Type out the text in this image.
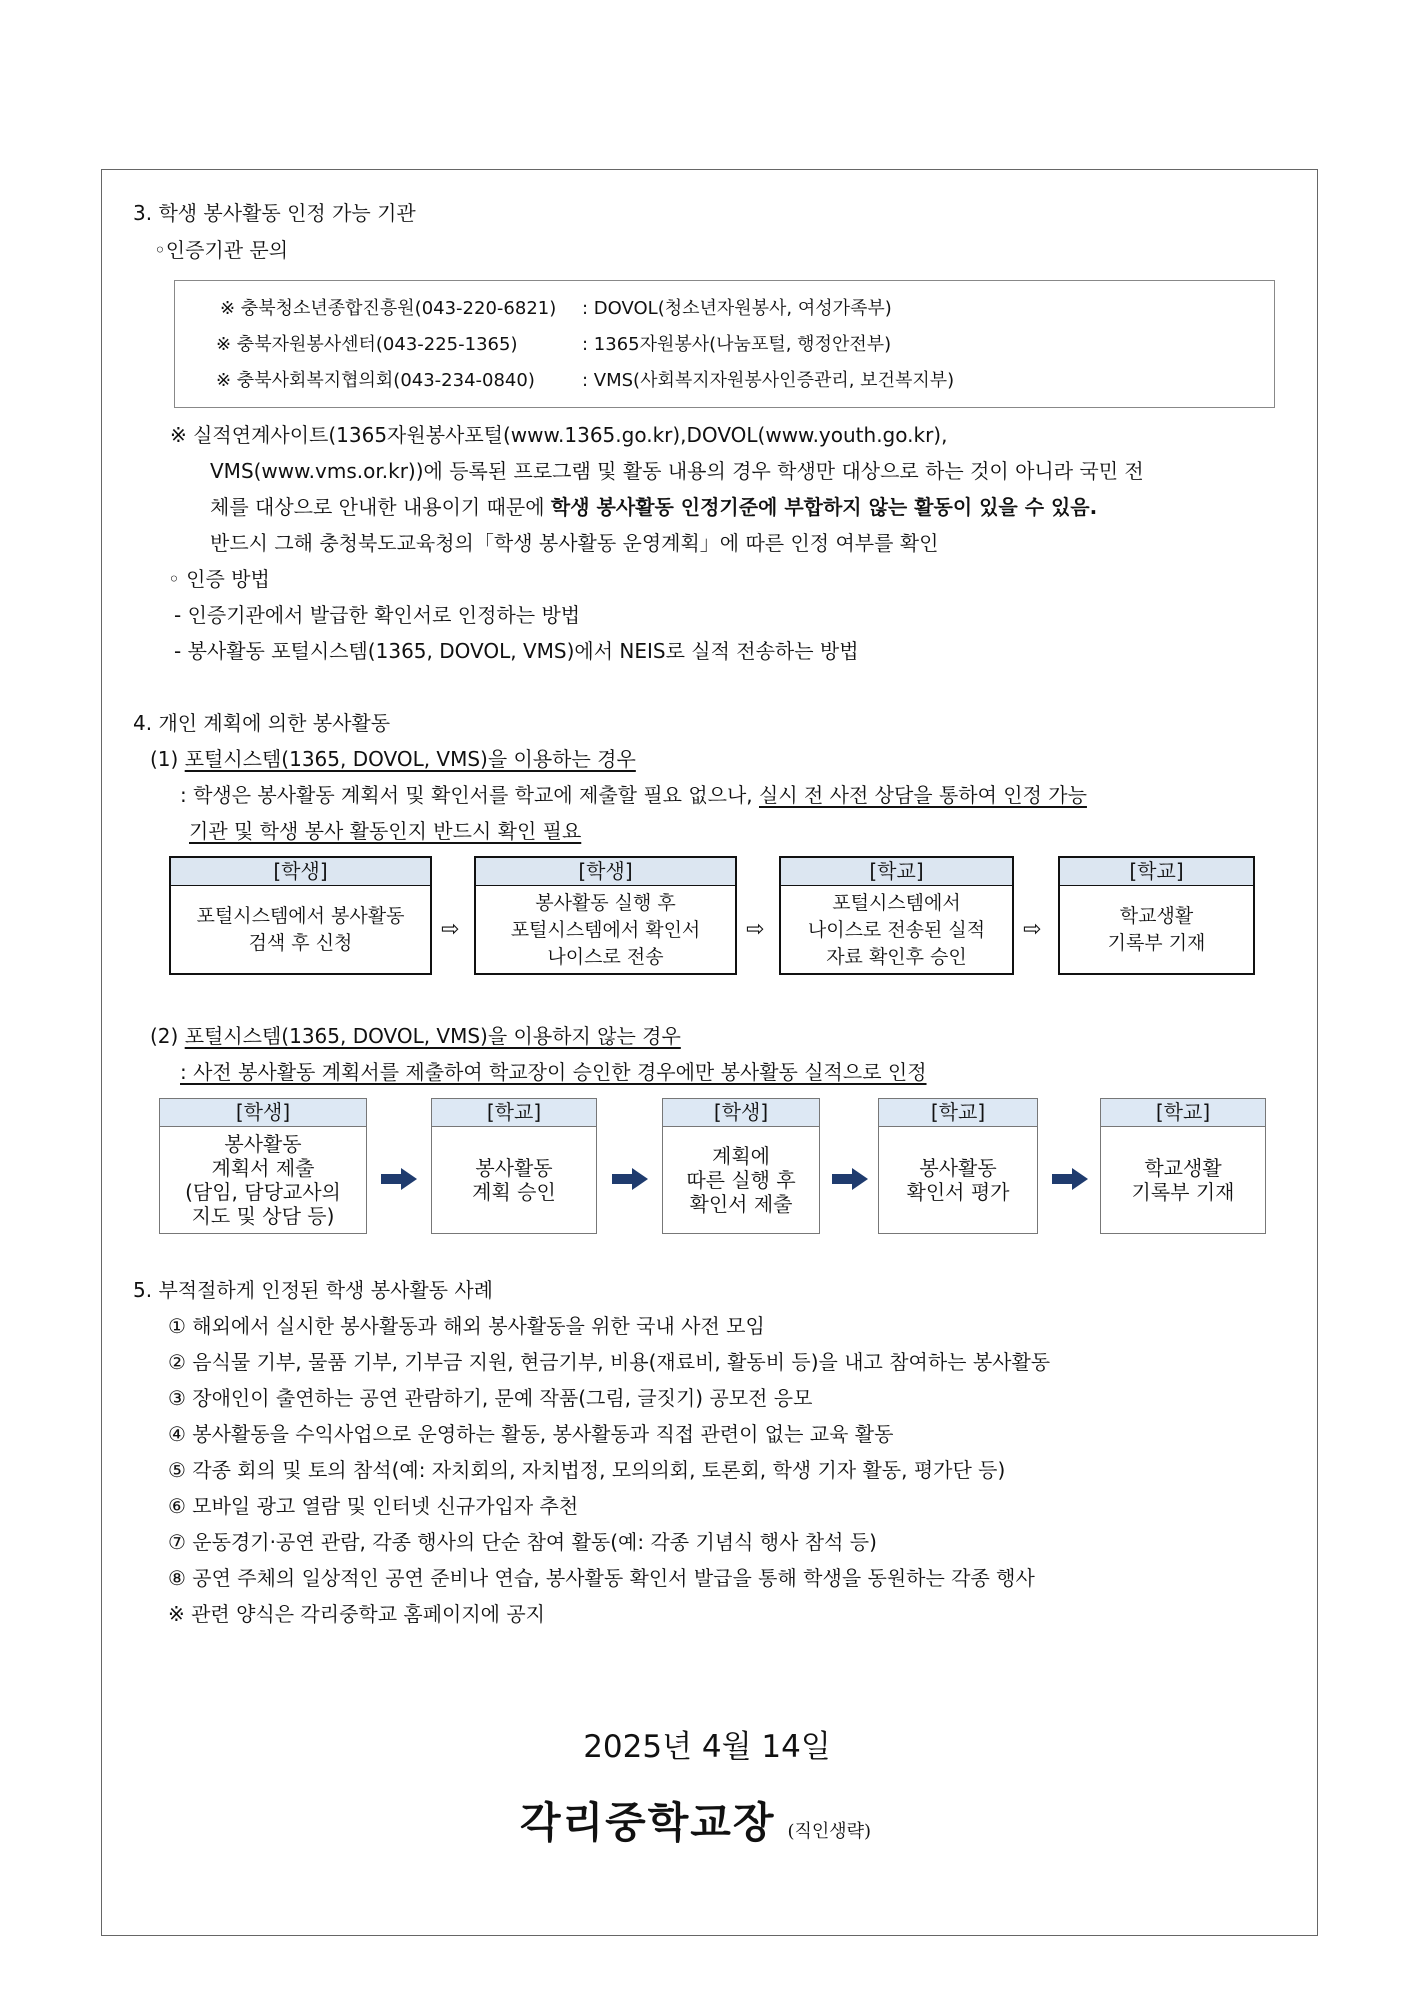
3. 학생 봉사활동 인정 가능 기관
◦인증기관 문의
※ 충북청소년종합진흥원(043-220-6821) : DOVOL(청소년자원봉사, 여성가족부)
※ 충북자원봉사센터(043-225-1365)	: 1365자원봉사(나눔포털, 행정안전부)
※ 충북사회복지협의회(043-234-0840)	: VMS(사회복지자원봉사인증관리, 보건복지부)
※ 실적연계사이트(1365자원봉사포털(www.1365.go.kr),DOVOL(www.youth.go.kr),
VMS(www.vms.or.kr))에 등록된 프로그램 및 활동 내용의 경우 학생만 대상으로 하는 것이 아니라 국민 전
체를 대상으로 안내한 내용이기 때문에 학생 봉사활동 인정기준에 부합하지 않는 활동이 있을 수 있음.
반드시 그해 충청북도교육청의「학생 봉사활동 운영계획」에 따른 인정 여부를 확인
◦ 인증 방법
- 인증기관에서 발급한 확인서로 인정하는 방법
- 봉사활동 포털시스템(1365, DOVOL, VMS)에서 NEIS로 실적 전송하는 방법
4. 개인 계획에 의한 봉사활동
(1) 포털시스템(1365, DOVOL, VMS)을 이용하는 경우
: 학생은 봉사활동 계획서 및 확인서를 학교에 제출할 필요 없으나, 실시 전 사전 상담을 통하여 인정 가능
기관 및 학생 봉사 활동인지 반드시 확인 필요
[학생]
포털시스템에서 봉사활동
검색 후 신청
⇨
[학생]
봉사활동 실행 후
포털시스템에서 확인서
나이스로 전송
⇨
[학교]
포털시스템에서
나이스로 전송된 실적
자료 확인후 승인
⇨
[학교]
학교생활
기록부 기재
(2) 포털시스템(1365, DOVOL, VMS)을 이용하지 않는 경우
: 사전 봉사활동 계획서를 제출하여 학교장이 승인한 경우에만 봉사활동 실적으로 인정
[학생]
봉사활동
계획서 제출
(담임, 담당교사의
지도 및 상담 등)
[학교]
봉사활동
계획 승인
[학생]
계획에
따른 실행 후
확인서 제출
[학교]
봉사활동
확인서 평가
[학교]
학교생활
기록부 기재
5. 부적절하게 인정된 학생 봉사활동 사례
① 해외에서 실시한 봉사활동과 해외 봉사활동을 위한 국내 사전 모임
② 음식물 기부, 물품 기부, 기부금 지원, 현금기부, 비용(재료비, 활동비 등)을 내고 참여하는 봉사활동
③ 장애인이 출연하는 공연 관람하기, 문예 작품(그림, 글짓기) 공모전 응모
④ 봉사활동을 수익사업으로 운영하는 활동, 봉사활동과 직접 관련이 없는 교육 활동
⑤ 각종 회의 및 토의 참석(예: 자치회의, 자치법정, 모의의회, 토론회, 학생 기자 활동, 평가단 등)
⑥ 모바일 광고 열람 및 인터넷 신규가입자 추천
⑦ 운동경기·공연 관람, 각종 행사의 단순 참여 활동(예: 각종 기념식 행사 참석 등)
⑧ 공연 주체의 일상적인 공연 준비나 연습, 봉사활동 확인서 발급을 통해 학생을 동원하는 각종 행사
※ 관련 양식은 각리중학교 홈페이지에 공지
2025년 4월 14일
각리중학교장 (직인생략)
